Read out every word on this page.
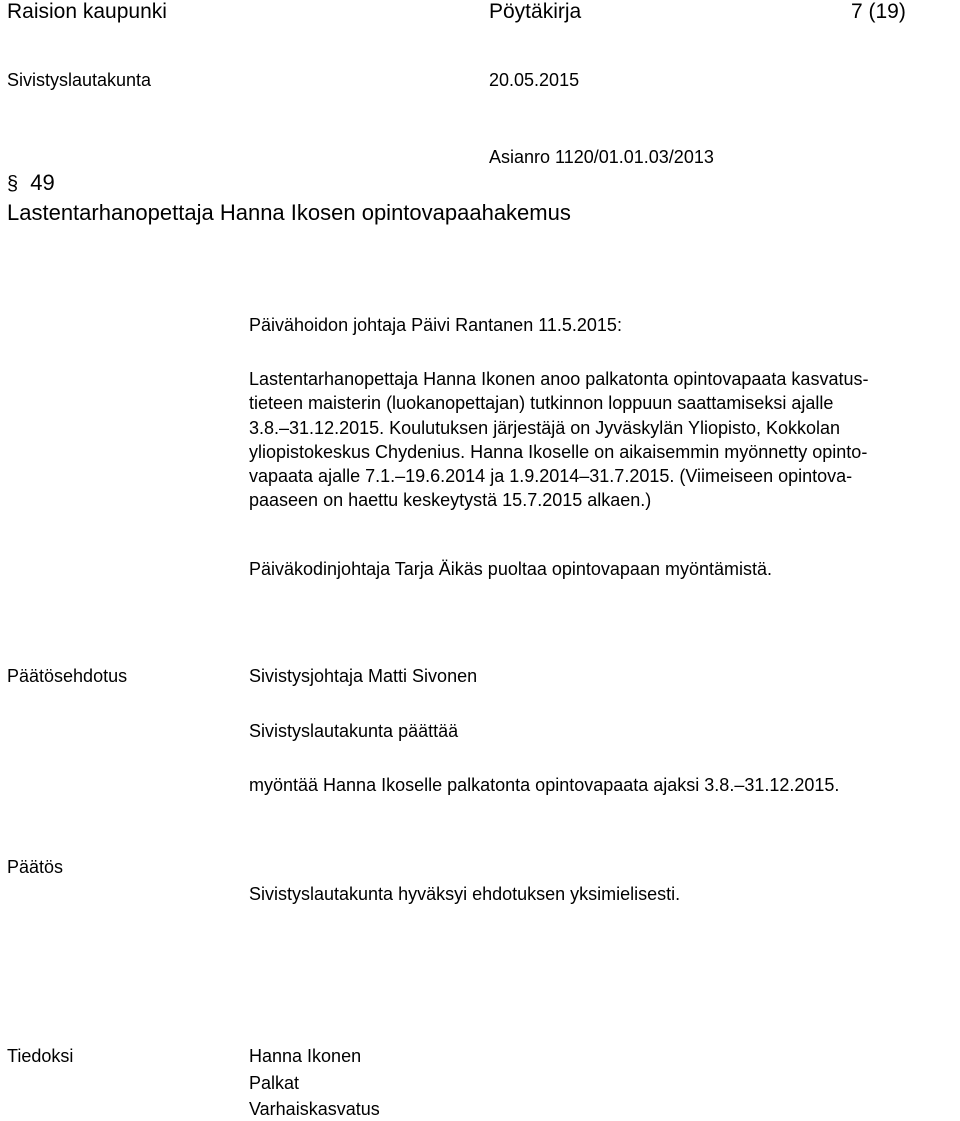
Raision kaupunki	Pöytäkirja	7 (19)
Sivistyslautakunta	20.05.2015
Asianro 1120/01.01.03/2013
§ 49
Lastentarhanopettaja Hanna Ikosen opintovapaahakemus
Päivähoidon johtaja Päivi Rantanen 11.5.2015:
Lastentarhanopettaja Hanna Ikonen anoo palkatonta opintovapaata kasvatus-
tieteen maisterin (luokanopettajan) tutkinnon loppuun saattamiseksi ajalle
3.8.–31.12.2015. Koulutuksen järjestäjä on Jyväskylän Yliopisto, Kokkolan
yliopistokeskus Chydenius. Hanna Ikoselle on aikaisemmin myönnetty opinto-
vapaata ajalle 7.1.–19.6.2014 ja 1.9.2014–31.7.2015. (Viimeiseen opintova-
paaseen on haettu keskeytystä 15.7.2015 alkaen.)
Päiväkodinjohtaja Tarja Äikäs puoltaa opintovapaan myöntämistä.
Päätösehdotus	Sivistysjohtaja Matti Sivonen
Sivistyslautakunta päättää
myöntää Hanna Ikoselle palkatonta opintovapaata ajaksi 3.8.–31.12.2015.
Päätös
Sivistyslautakunta hyväksyi ehdotuksen yksimielisesti.
Tiedoksi	Hanna Ikonen
Palkat
Varhaiskasvatus
